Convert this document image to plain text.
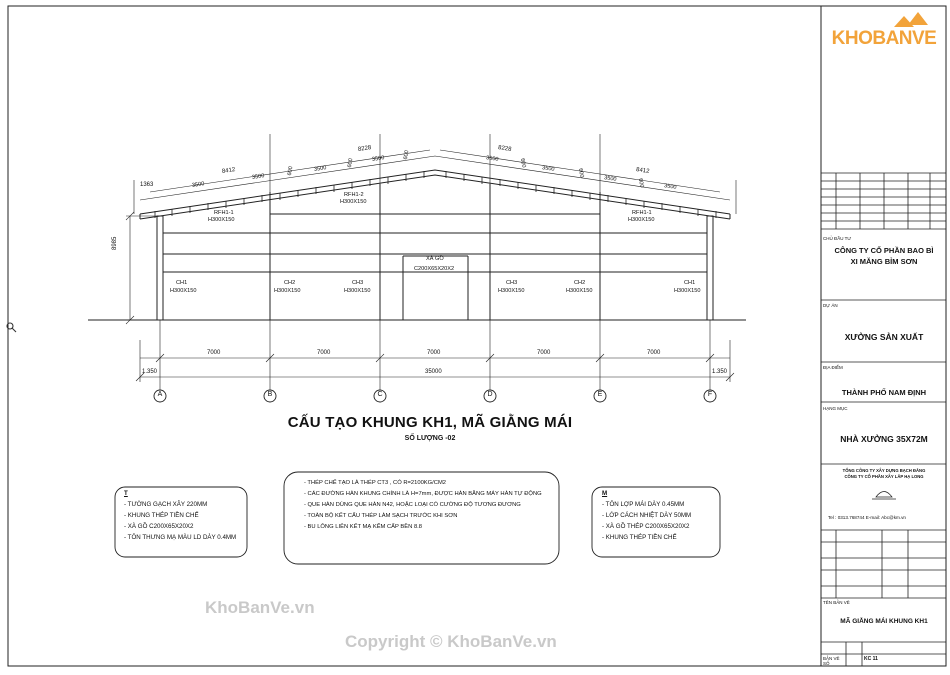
8985
1363
8412
8228	8228
8412
3500
3500
600	3500
600	3500	600	3500	600
3500	600
3500	600	3500
RFH1-1
H300X150
RFH1-2
H300X150
RFH1-1
H300X150
XÀ GỒ
C200X65X20X2
CH1
H300X150
CH2
H300X150
CH3
H300X150
CH3
H300X150
CH2
H300X150
CH1
H300X150
7000	7000	7000	7000	7000
35000
1.350	1.350
A	B	C	D	E	F
CẤU TẠO KHUNG KH1, MÃ GIẰNG MÁI
SỐ LƯỢNG -02
T
- TƯỜNG GẠCH XÂY 220MM
- KHUNG THÉP TIỀN CHẾ
- XÀ GỒ C200X65X20X2
- TÔN THƯNG MẠ MÀU LD DÀY 0.4MM
- THÉP CHẾ TẠO LÀ THÉP CT3 , CÓ R=2100KG/CM2
- CÁC ĐƯỜNG HÀN KHUNG CHÍNH LÀ H=7mm, ĐƯỢC HÀN BẰNG MÁY HÀN TỰ ĐỘNG
- QUE HÀN DÙNG QUE HÀN N42, HOẶC LOẠI CÓ CƯỜNG ĐỘ TƯƠNG ĐƯƠNG
- TOÀN BỘ KẾT CẤU THÉP LÀM SẠCH TRƯỚC KHI SƠN
- BU LÔNG LIÊN KẾT MẠ KẼM CẤP BỀN 8.8
M
- TÔN LỢP MÁI DÀY 0.45MM
- LỚP CÁCH NHIỆT DÀY 50MM
- XÀ GỒ THÉP C200X65X20X2
- KHUNG THÉP TIỀN CHẾ
KhoBanVe.vn
Copyright © KhoBanVe.vn
KHOBANVE
CHỦ ĐẦU TƯ
CÔNG TY CỔ PHẦN BAO BÌ
XI MĂNG BỈM SƠN
DỰ ÁN
XƯỞNG SẢN XUẤT
ĐỊA ĐIỂM
THÀNH PHỐ NAM ĐỊNH
HẠNG MỤC
NHÀ XƯỞNG 35X72M
TỔNG CÔNG TY XÂY DỰNG BẠCH ĐẰNG
CÔNG TY CỔ PHẦN XÂY LẮP HẠ LONG
Tel : 0313.768744 E-mail: Abc@km.vn
TÊN BẢN VẼ
MÃ GIẰNG MÁI KHUNG KH1
BẢN VẼ SỐ
KC 11
